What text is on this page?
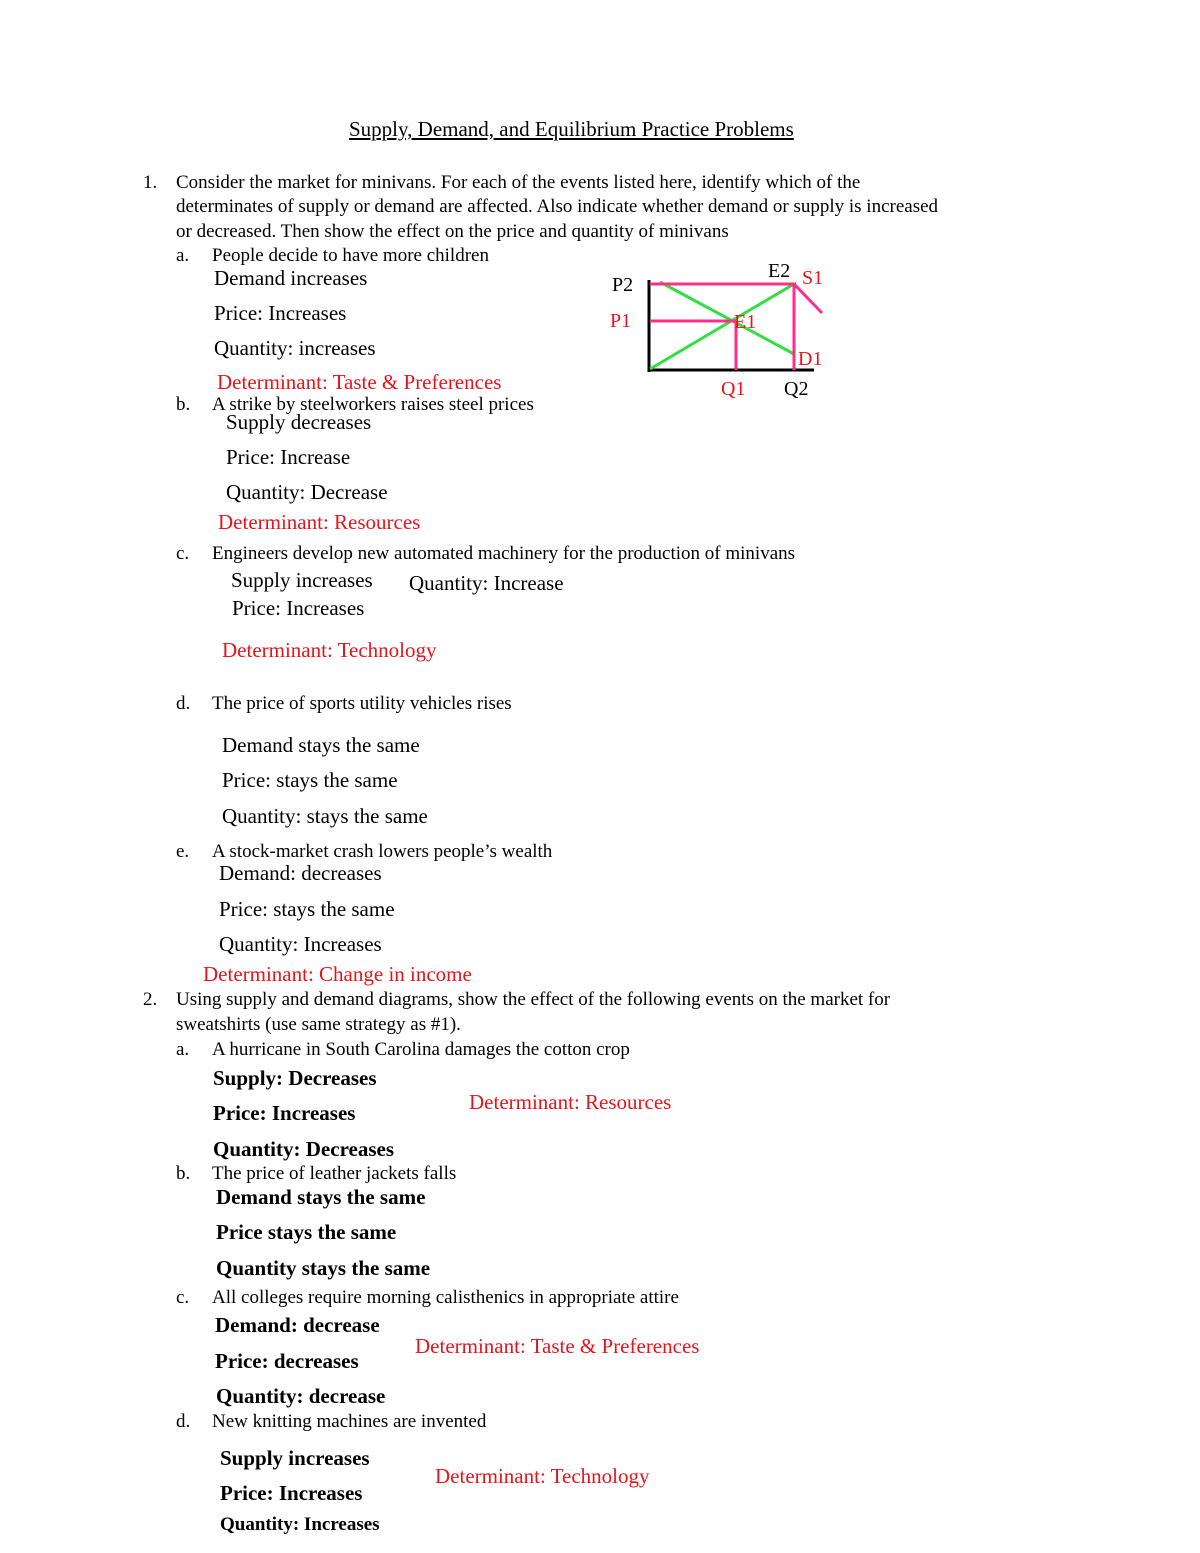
Supply, Demand, and Equilibrium Practice Problems
1. Consider the market for minivans. For each of the events listed here, identify which of the
determinates of supply or demand are affected. Also indicate whether demand or supply is increased
or decreased. Then show the effect on the price and quantity of minivans
a. People decide to have more children
Demand increases
Price: Increases
Quantity: increases
Determinant: Taste & Preferences
P2
P1	E1
E2 S1
D1
Q1 Q2
b. A strike by steelworkers raises steel prices
Supply decreases
Price: Increase
Quantity: Decrease
Determinant: Resources
c. Engineers develop new automated machinery for the production of minivans
Supply increases Quantity: Increase
Price: Increases
Determinant: Technology
d. The price of sports utility vehicles rises
Demand stays the same
Price: stays the same
Quantity: stays the same
e. A stock-market crash lowers people’s wealth
Demand: decreases
Price: stays the same
Quantity: Increases
Determinant: Change in income
2. Using supply and demand diagrams, show the effect of the following events on the market for
sweatshirts (use same strategy as #1).
a. A hurricane in South Carolina damages the cotton crop
Supply: Decreases
Price: Increases
Quantity: Decreases
Determinant: Resources
b. The price of leather jackets falls
Demand stays the same
Price stays the same
Quantity stays the same
c. All colleges require morning calisthenics in appropriate attire
Demand: decrease
Price: decreases
Quantity: decrease
Determinant: Taste & Preferences
d. New knitting machines are invented
Supply increases
Price: Increases
Quantity: Increases
Determinant: Technology
